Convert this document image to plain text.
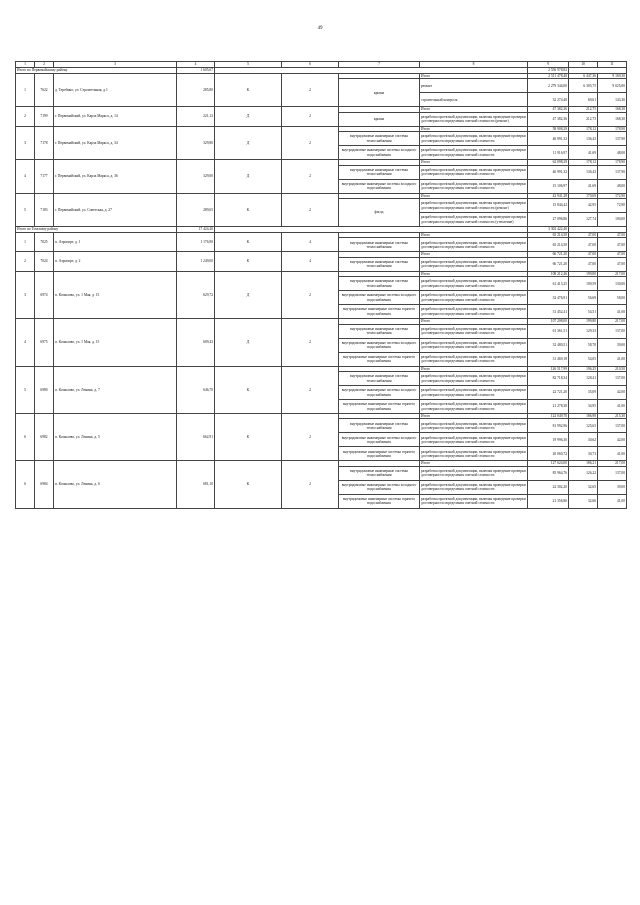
49
1	2	3	4	5	6	7	8	9	10	11
Итого по Первомайскому району			1 605,67					2 556 978,82		
1	7622	д. Теребино, ул. Строительная, д.1	285,80	К	2		Итого	2 511 478,40	6 447,36	9 169,30
						крыша	ремонт	2 279 344,00	6 305,75	9 025,00
							строительный контроль	32 274,40	69,61	143,30
2	7199	г. Первомайский, ул. Карла Маркса, д. 14	221,12	Д	2		Итого	47 382,36	212,75	168,30
						крыша	разработка проектной документации, включая проведение проверки достоверности определения сметной стоимости (ремонт)	47 382,36	212,75	168,30
3	7178	г. Первомайский, ул. Карла Маркса, д. 34	329,80	Д	2		Итого	58 908,29	178,12	178,90
						внутридомовые инженерные системы теплоснабжения	разработка проектной документации, включая проведение проверки достоверности определения сметной стоимости	46 991,32	136,43	137,90
						внутридомовые инженерные системы холодного водоснабжения	разработка проектной документации, включая проведение проверки достоверности определения сметной стоимости	11 916,97	41,69	48,00
4	7177	г. Первомайский, ул. Карла Маркса, д. 36	329,00	Д	2		Итого	62 098,29	178,12	178,90
						внутридомовые инженерные системы теплоснабжения	разработка проектной документации, включая проведение проверки достоверности определения сметной стоимости	46 991,32	136,43	137,90
						внутридомовые инженерные системы холодного водоснабжения	разработка проектной документации, включая проведение проверки достоверности определения сметной стоимости	15 106,97	41,69	48,00
5	7183	г. Первомайский, ул. Советская, д. 27	289,65	К	2		Итого	42 941,28	170,69	172,90
						фасад	разработка проектной документации, включая проведение проверки достоверности определения сметной стоимости (ремонт)	15 844,42	42,95	72,90
							разработка проектной документации, включая проведение проверки достоверности определения сметной стоимости (утепление)	27 096,86	127,74	100,00
Итого по Томскому району			17 424,40					3 302 422,40		
1	7025	п. Аэропорт, д. 1	1 176,90	К	4		Итого	65 214,50	47,00	47,00
						внутридомовые инженерные системы теплоснабжения	разработка проектной документации, включая проведение проверки достоверности определения сметной стоимости	65 214,50	47,00	47,00
2	7024	п. Аэропорт, д. 2	1 249,00	К	4		Итого	66 721,20	47,00	47,00
						внутридомовые инженерные системы теплоснабжения	разработка проектной документации, включая проведение проверки достоверности определения сметной стоимости	66 721,20	47,00	47,00
3	6974	п. Копылово, ул. 1 Мая, д. 15	629,72	Д	2		Итого	108 212,46	199,80	217,00
						внутридомовые инженерные системы теплоснабжения	разработка проектной документации, включая проведение проверки достоверности определения сметной стоимости	61 413,25	109,59	130,00
						внутридомовые инженерные системы холодного водоснабжения	разработка проектной документации, включая проведение проверки достоверности определения сметной стоимости	32 476,91	56,69	58,00
						внутридомовые инженерные системы горячего водоснабжения	разработка проектной документации, включая проведение проверки достоверности определения сметной стоимости	31 452,41	54,51	41,00
4	6975	п. Копылово, ул. 1 Мая, д. 15	609,43	Д	2		Итого	107 208,00	199,80	217,00
						внутридомовые инженерные системы теплоснабжения	разработка проектной документации, включая проведение проверки достоверности определения сметной стоимости	61 361,51	129,33	137,00
						внутридомовые инженерные системы холодного водоснабжения	разработка проектной документации, включая проведение проверки достоверности определения сметной стоимости	32 480,51	58,70	39,00
						внутридомовые инженерные системы горячего водоснабжения	разработка проектной документации, включая проведение проверки достоверности определения сметной стоимости	31 469,18	54,05	41,00
5	6980	п. Копылово, ул. Ленина, д. 7	646,70	К	2		Итого	126 517,99	196,25	210,50
						внутридомовые инженерные системы теплоснабжения	разработка проектной документации, включая проведение проверки достоверности определения сметной стоимости	82 718,34	128,41	137,00
						внутридомовые инженерные системы холодного водоснабжения	разработка проектной документации, включая проведение проверки достоверности определения сметной стоимости	22 721,20	35,09	42,00
						внутридомовые инженерные системы горячего водоснабжения	разработка проектной документации, включая проведение проверки достоверности определения сметной стоимости	21 278,38	34,95	41,00
6	6982	п. Копылово, ул. Ленина, д. 5	662,91	К	2		Итого	122 049,70	186,98	215,30
						внутридомовые инженерные системы теплоснабжения	разработка проектной документации, включая проведение проверки достоверности определения сметной стоимости	81 992,96	125,63	137,00
						внутридомовые инженерные системы холодного водоснабжения	разработка проектной документации, включая проведение проверки достоверности определения сметной стоимости	19 996,30	30,62	42,00
						внутридомовые инженерные системы горячего водоснабжения	разработка проектной документации, включая проведение проверки достоверности определения сметной стоимости	20 060,72	30,73	41,00
6	6984	п. Копылово, ул. Ленина, д. 6	681,10	К	2		Итого	127 624,00	186,21	217,00
						внутридомовые инженерные системы теплоснабжения	разработка проектной документации, включая проведение проверки достоверности определения сметной стоимости	85 964,76	126,22	137,00
						внутридомовые инженерные системы холодного водоснабжения	разработка проектной документации, включая проведение проверки достоверности определения сметной стоимости	22 302,20	32,65	39,00
						внутридомовые инженерные системы горячего водоснабжения	разработка проектной документации, включая проведение проверки достоверности определения сметной стоимости	21 356,86	32,66	41,00
